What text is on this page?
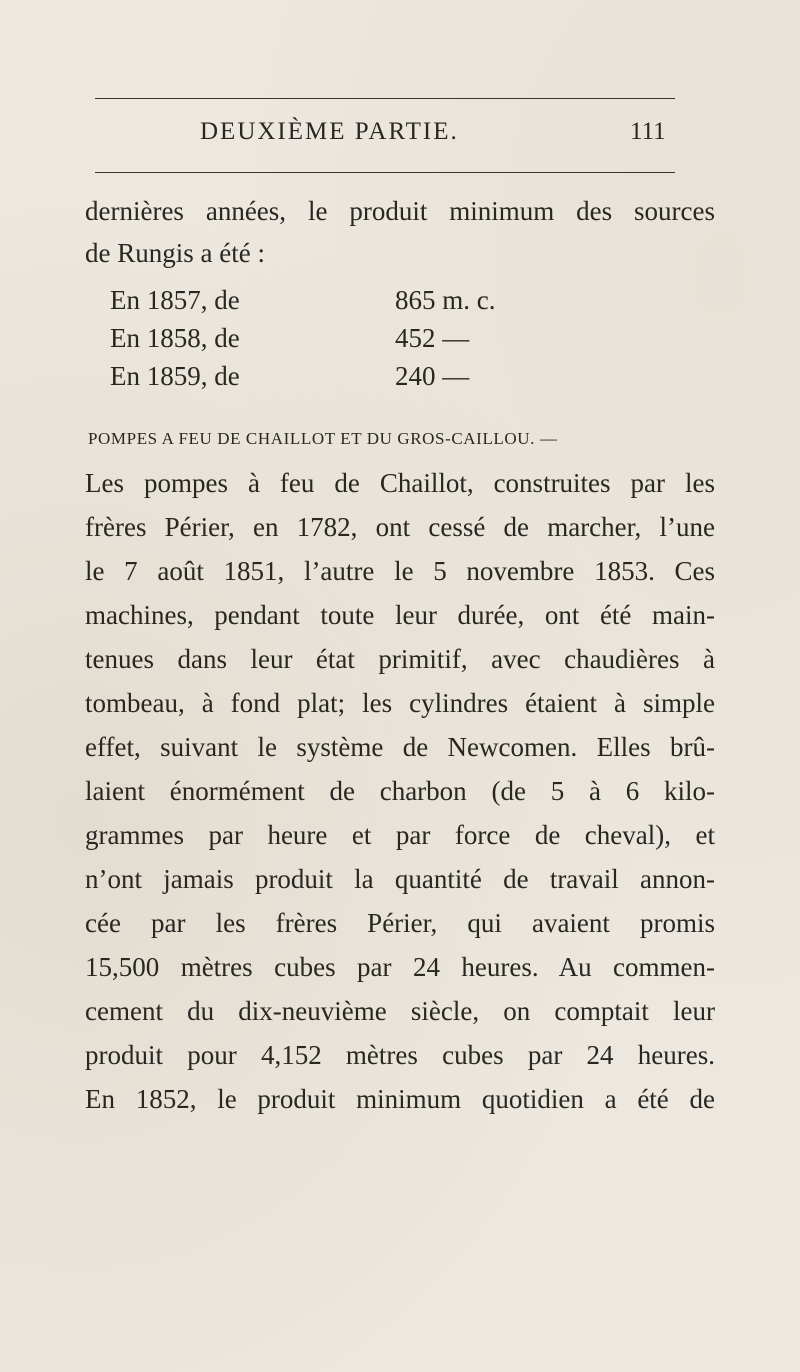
DEUXIÈME PARTIE.	111
dernières années, le produit minimum des sources
de Rungis a été :
En 1857, de	865 m. c.
En 1858, de	452 —
En 1859, de	240 —
POMPES A FEU DE CHAILLOT ET DU GROS-CAILLOU. —
Les pompes à feu de Chaillot, construites par les
frères Périer, en 1782, ont cessé de marcher, l’une
le 7 août 1851, l’autre le 5 novembre 1853. Ces
machines, pendant toute leur durée, ont été main-
tenues dans leur état primitif, avec chaudières à
tombeau, à fond plat; les cylindres étaient à simple
effet, suivant le système de Newcomen. Elles brû-
laient énormément de charbon (de 5 à 6 kilo-
grammes par heure et par force de cheval), et
n’ont jamais produit la quantité de travail annon-
cée par les frères Périer, qui avaient promis
15,500 mètres cubes par 24 heures. Au commen-
cement du dix-neuvième siècle, on comptait leur
produit pour 4,152 mètres cubes par 24 heures.
En 1852, le produit minimum quotidien a été de
